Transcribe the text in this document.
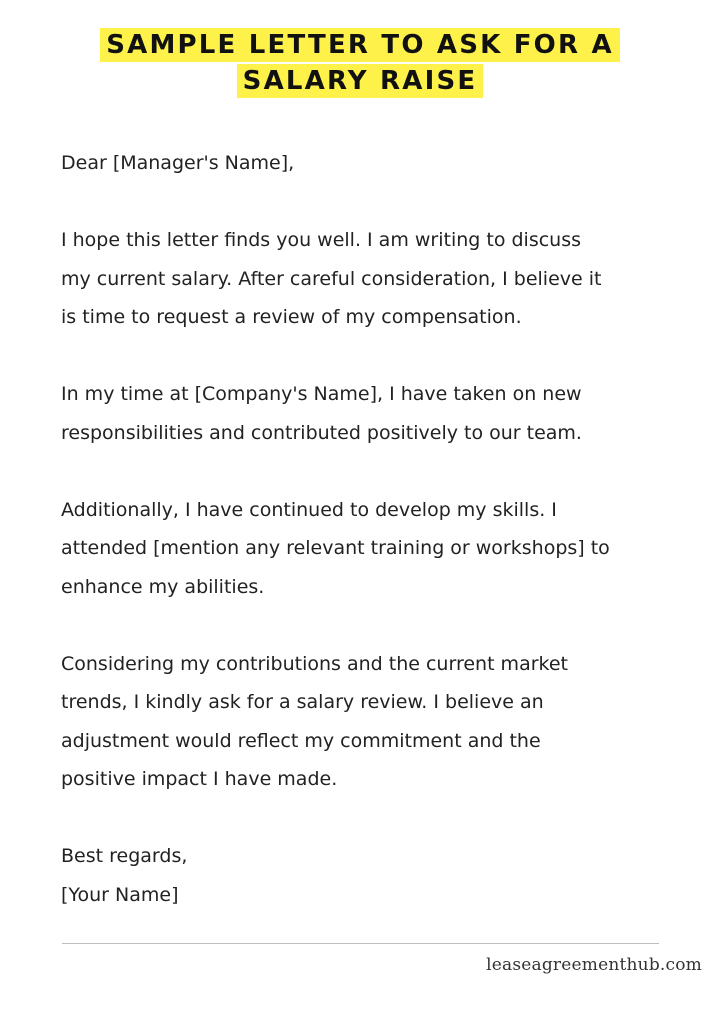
SAMPLE LETTER TO ASK FOR A
SALARY RAISE

Dear [Manager's Name],

I hope this letter finds you well. I am writing to discuss

my current salary. After careful consideration, I believe it

is time to request a review of my compensation.

In my time at [Company's Name], I have taken on new

responsibilities and contributed positively to our team.

Additionally, I have continued to develop my skills. I

attended [mention any relevant training or workshops] to

enhance my abilities.

Considering my contributions and the current market

trends, I kindly ask for a salary review. I believe an

adjustment would reflect my commitment and the

positive impact I have made.

Best regards,

[Your Name]

leaseagreementhub.com
